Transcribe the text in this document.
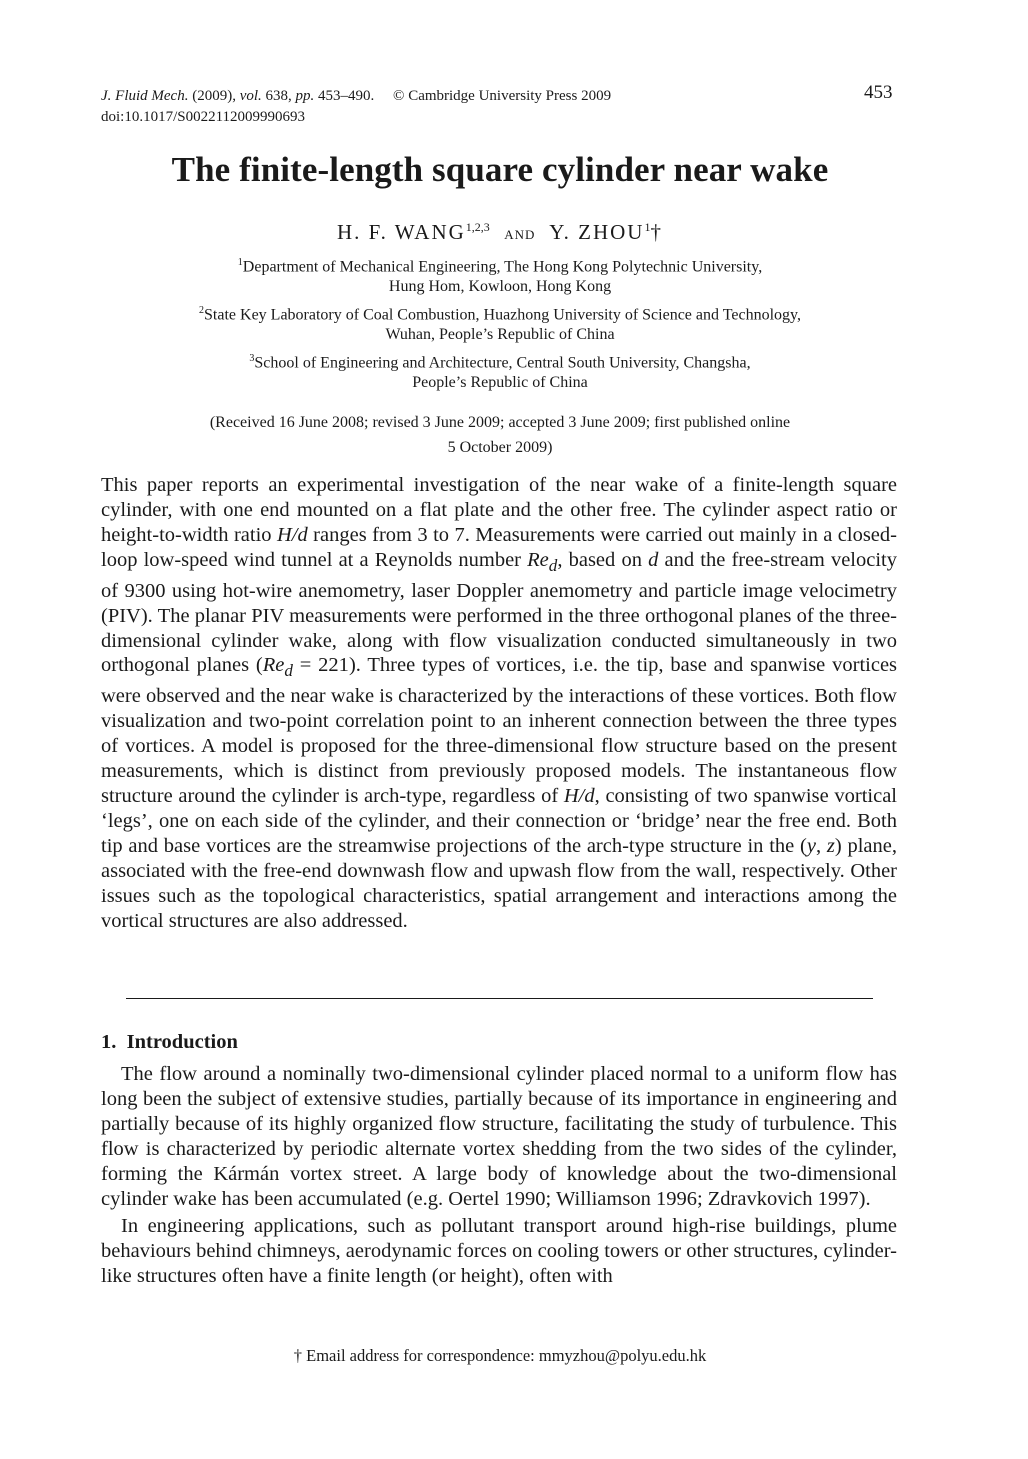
J. Fluid Mech. (2009), vol. 638, pp. 453–490. © Cambridge University Press 2009
doi:10.1017/S0022112009990693
453
The finite-length square cylinder near wake
H. F. WANG$^{1,2,3}$ and Y. ZHOU$^1$†
$^1$Department of Mechanical Engineering, The Hong Kong Polytechnic University,
Hung Hom, Kowloon, Hong Kong
$^2$State Key Laboratory of Coal Combustion, Huazhong University of Science and Technology,
Wuhan, People’s Republic of China
$^3$School of Engineering and Architecture, Central South University, Changsha,
People’s Republic of China
(Received 16 June 2008; revised 3 June 2009; accepted 3 June 2009; first published online
5 October 2009)
This paper reports an experimental investigation of the near wake of a finite-length square cylinder, with one end mounted on a flat plate and the other free. The cylinder aspect ratio or height-to-width ratio H/d ranges from 3 to 7. Measurements were carried out mainly in a closed-loop low-speed wind tunnel at a Reynolds number $Re_d$, based on d and the free-stream velocity of 9300 using hot-wire anemometry, laser Doppler anemometry and particle image velocimetry (PIV). The planar PIV measurements were performed in the three orthogonal planes of the three-dimensional cylinder wake, along with flow visualization conducted simultaneously in two orthogonal planes $(Re_d = 221)$. Three types of vortices, i.e. the tip, base and spanwise vortices were observed and the near wake is characterized by the interactions of these vortices. Both flow visualization and two-point correlation point to an inherent connection between the three types of vortices. A model is proposed for the three-dimensional flow structure based on the present measurements, which is distinct from previously proposed models. The instantaneous flow structure around the cylinder is arch-type, regardless of H/d, consisting of two spanwise vortical ‘legs’, one on each side of the cylinder, and their connection or ‘bridge’ near the free end. Both tip and base vortices are the streamwise projections of the arch-type structure in the (y, z) plane, associated with the free-end downwash flow and upwash flow from the wall, respectively. Other issues such as the topological characteristics, spatial arrangement and interactions among the vortical structures are also addressed.
1. Introduction

The flow around a nominally two-dimensional cylinder placed normal to a uniform flow has long been the subject of extensive studies, partially because of its importance in engineering and partially because of its highly organized flow structure, facilitating the study of turbulence. This flow is characterized by periodic alternate vortex shedding from the two sides of the cylinder, forming the Kármán vortex street. A large body of knowledge about the two-dimensional cylinder wake has been accumulated (e.g. Oertel 1990; Williamson 1996; Zdravkovich 1997).

In engineering applications, such as pollutant transport around high-rise buildings, plume behaviours behind chimneys, aerodynamic forces on cooling towers or other structures, cylinder-like structures often have a finite length (or height), often with

† Email address for correspondence: mmyzhou@polyu.edu.hk
